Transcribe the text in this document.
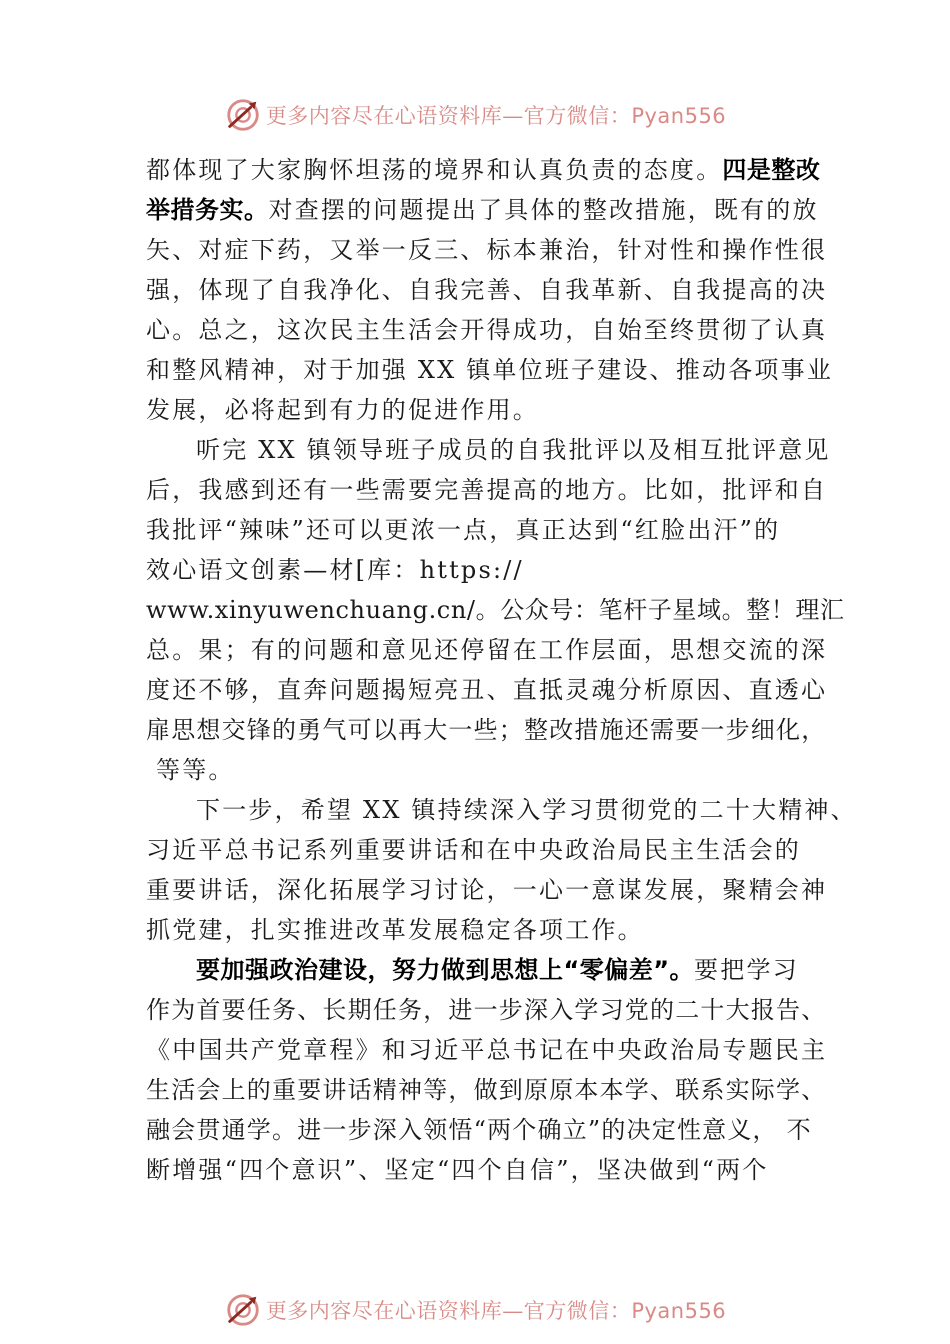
更多内容尽在心语资料库—官方微信：Pyan556
都体现了大家胸怀坦荡的境界和认真负责的态度。四是整改
举措务实。对查摆的问题提出了具体的整改措施，既有的放
矢、对症下药，又举一反三、标本兼治，针对性和操作性很
强，体现了自我净化、自我完善、自我革新、自我提高的决
心。总之，这次民主生活会开得成功，自始至终贯彻了认真
和整风精神，对于加强 XX 镇单位班子建设、推动各项事业
发展，必将起到有力的促进作用。
听完 XX 镇领导班子成员的自我批评以及相互批评意见
后，我感到还有一些需要完善提高的地方。比如，批评和自
我批评“辣味”还可以更浓一点，真正达到“红脸出汗”的
效心语文创素—材[库：https://
www.xinyuwenchuang.cn/。公众号：笔杆子星域。整！理汇
总。果；有的问题和意见还停留在工作层面，思想交流的深
度还不够，直奔问题揭短亮丑、直抵灵魂分析原因、直透心
扉思想交锋的勇气可以再大一些；整改措施还需要一步细化，
等等。
下一步，希望 XX 镇持续深入学习贯彻党的二十大精神、
习近平总书记系列重要讲话和在中央政治局民主生活会的
重要讲话，深化拓展学习讨论，一心一意谋发展，聚精会神
抓党建，扎实推进改革发展稳定各项工作。
要加强政治建设，努力做到思想上“零偏差”。要把学习
作为首要任务、长期任务，进一步深入学习党的二十大报告、
《中国共产党章程》和习近平总书记在中央政治局专题民主
生活会上的重要讲话精神等，做到原原本本学、联系实际学、
融会贯通学。进一步深入领悟“两个确立”的决定性意义， 不
断增强“四个意识”、坚定“四个自信”，坚决做到“两个
更多内容尽在心语资料库—官方微信：Pyan556
